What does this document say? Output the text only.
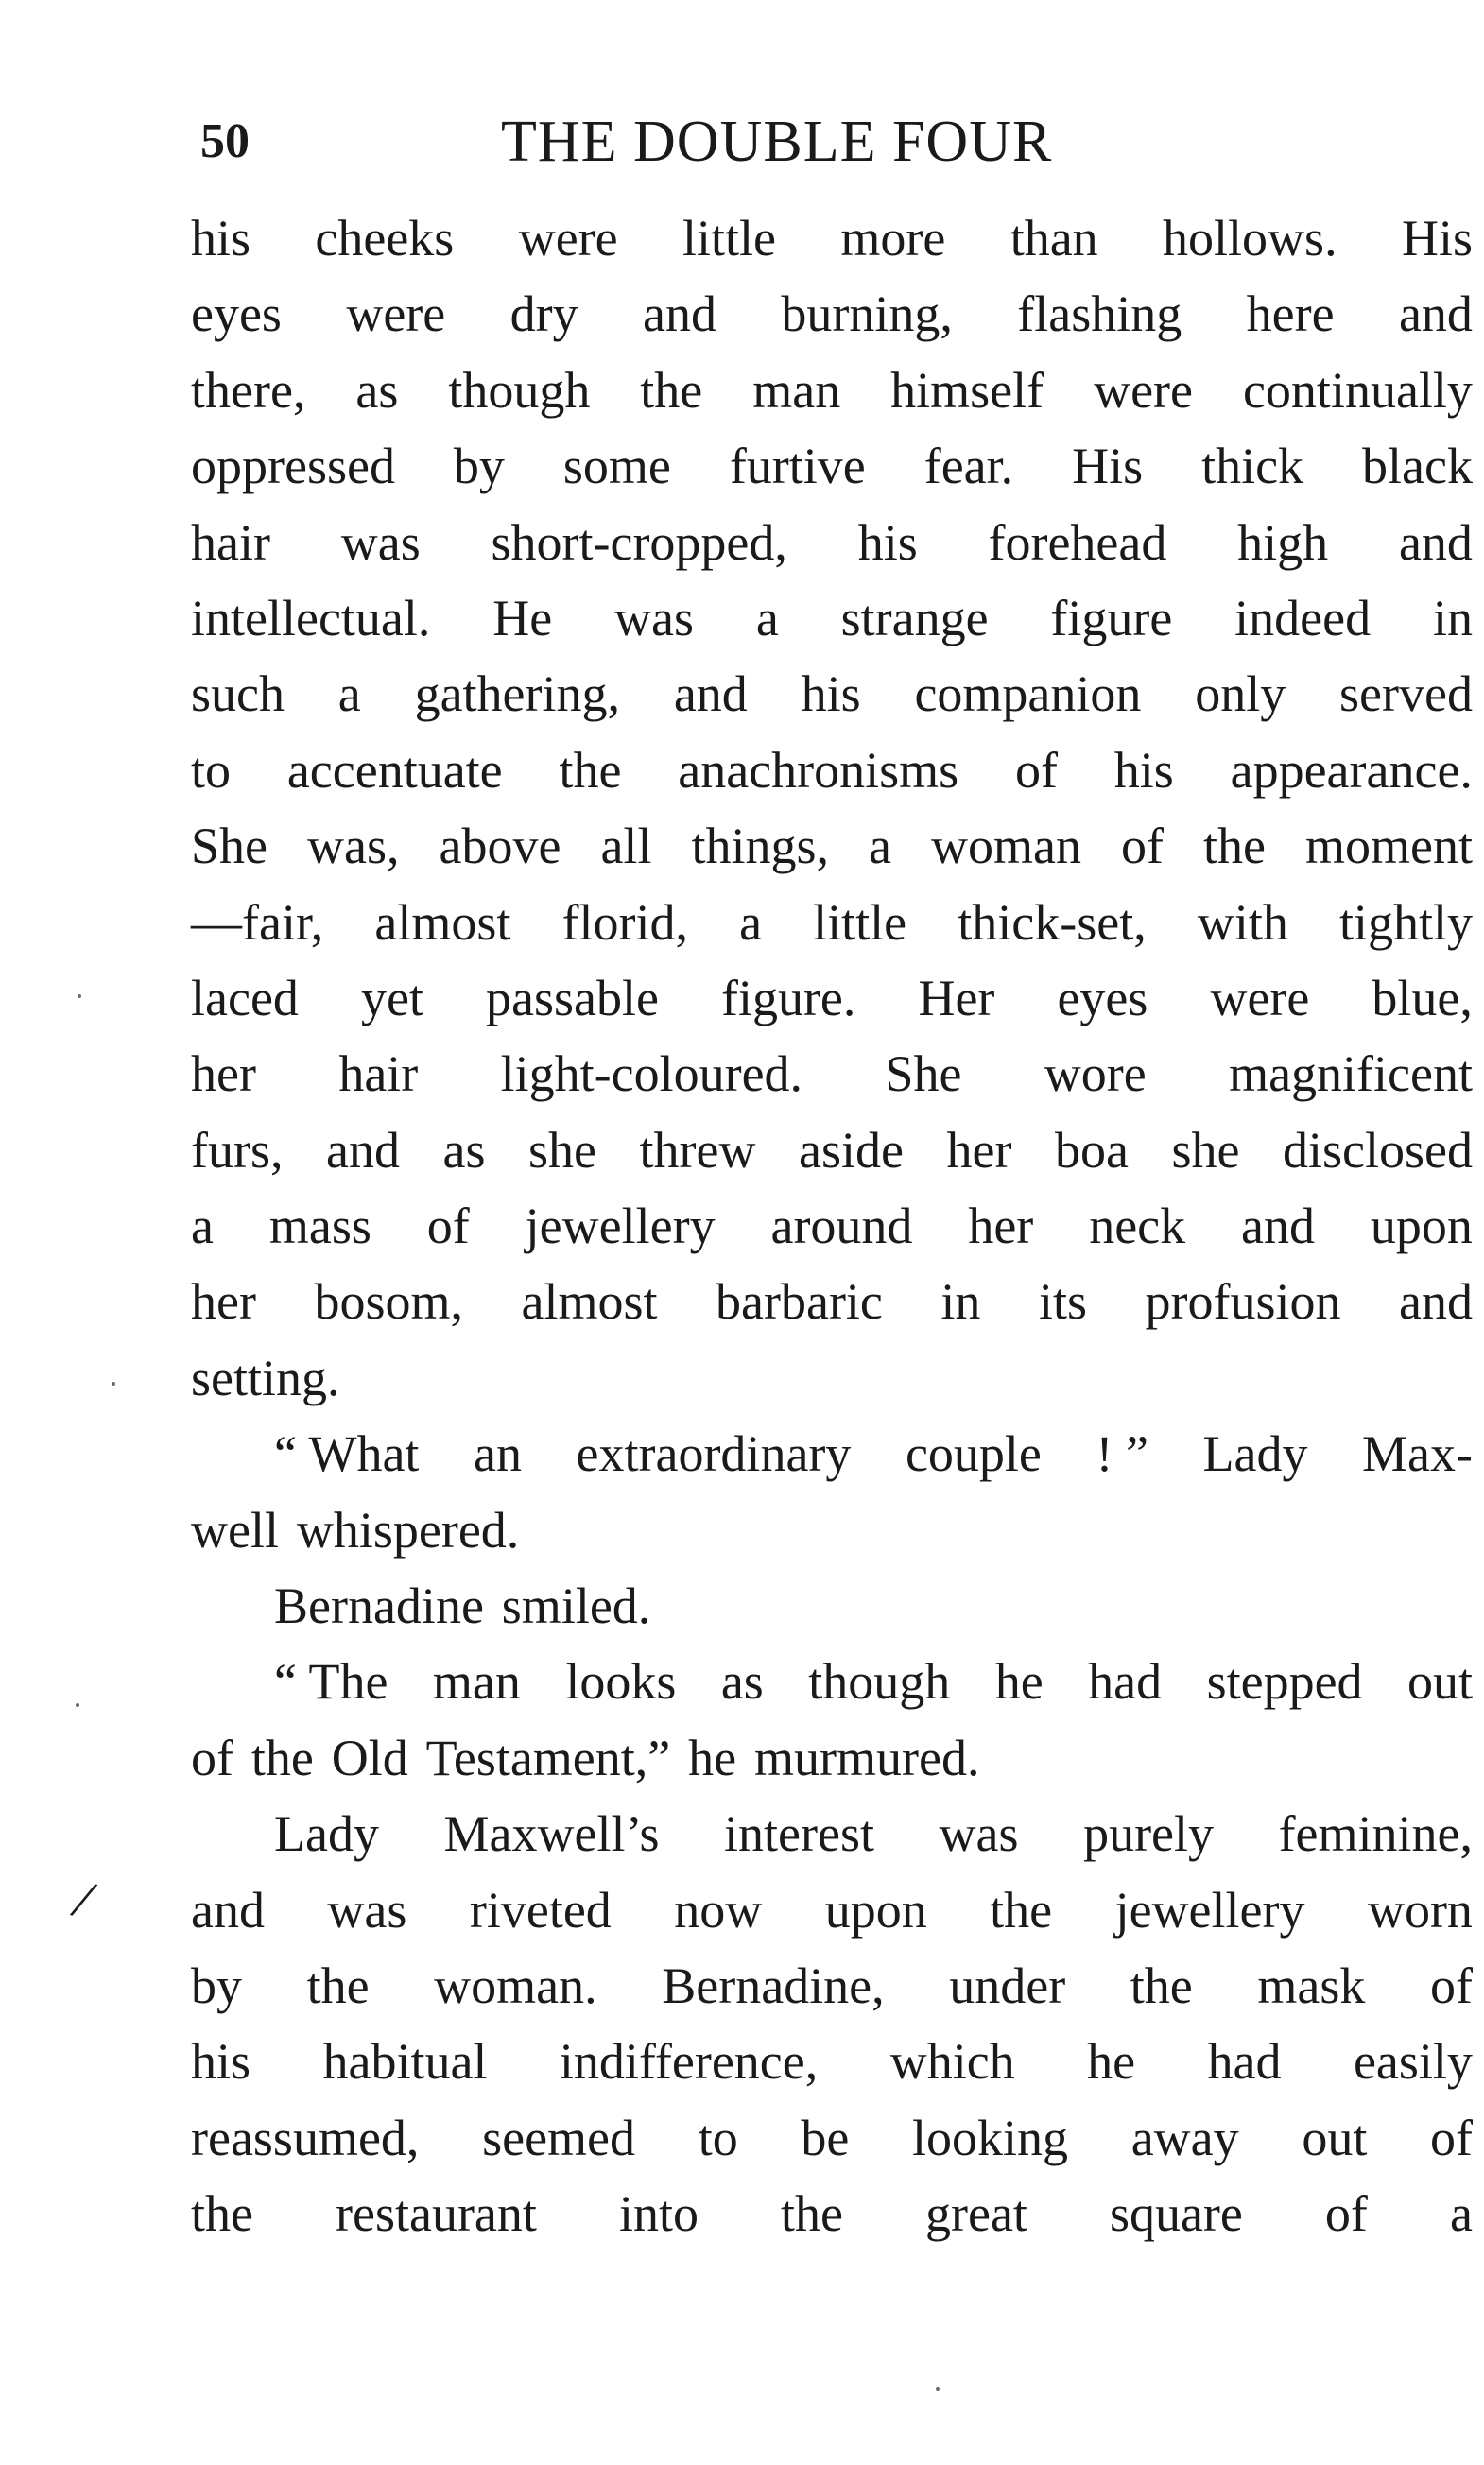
50	THE DOUBLE FOUR
his cheeks were little more than hollows. His
eyes were dry and burning, flashing here and
there, as though the man himself were continually
oppressed by some furtive fear. His thick black
hair was short-cropped, his forehead high and
intellectual. He was a strange figure indeed in
such a gathering, and his companion only served
to accentuate the anachronisms of his appearance.
She was, above all things, a woman of the moment
—fair, almost florid, a little thick-set, with tightly
laced yet passable figure. Her eyes were blue,
her hair light-coloured. She wore magnificent
furs, and as she threw aside her boa she disclosed
a mass of jewellery around her neck and upon
her bosom, almost barbaric in its profusion and
setting.
“ What an extraordinary couple ! ” Lady Max-
well whispered.
Bernadine smiled.
“ The man looks as though he had stepped out
of the Old Testament,” he murmured.
Lady Maxwell’s interest was purely feminine,
and was riveted now upon the jewellery worn
by the woman. Bernadine, under the mask of
his habitual indifference, which he had easily
reassumed, seemed to be looking away out of
the restaurant into the great square of a
/
